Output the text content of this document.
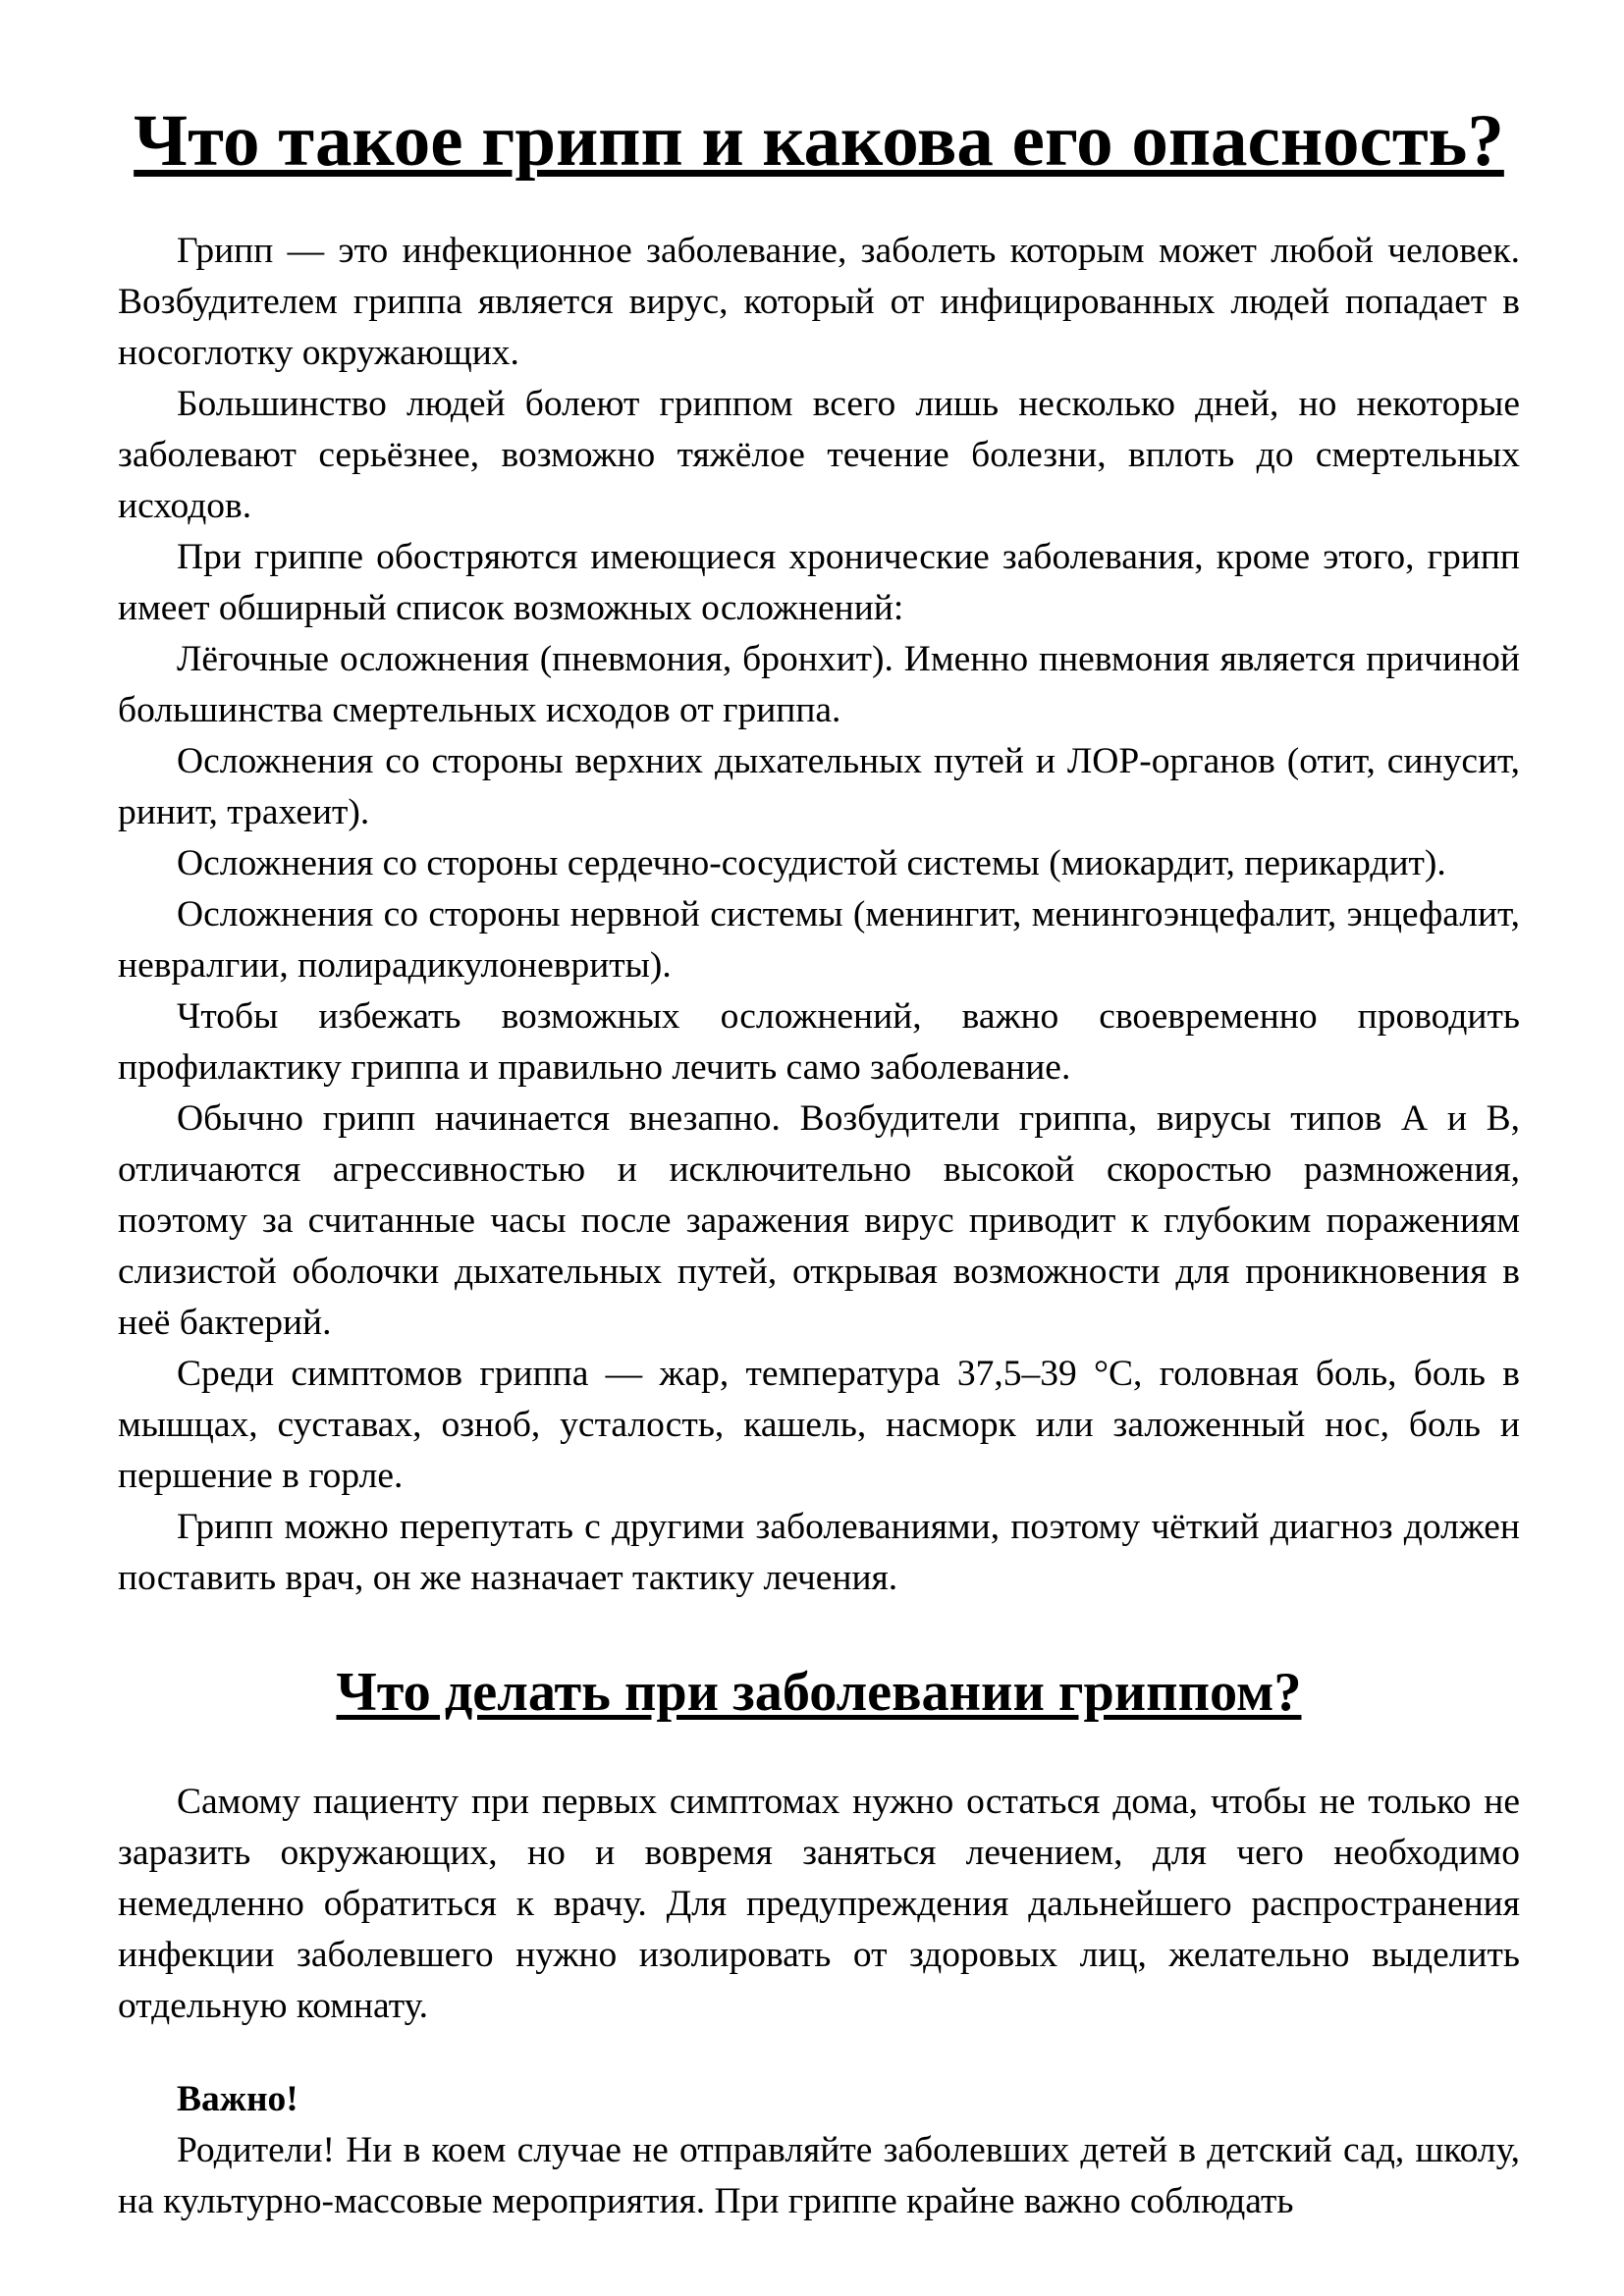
Что такое грипп и какова его опасность?

Грипп — это инфекционное заболевание, заболеть которым может любой человек. Возбудителем гриппа является вирус, который от инфицированных людей попадает в носоглотку окружающих.

Большинство людей болеют гриппом всего лишь несколько дней, но некоторые заболевают серьёзнее, возможно тяжёлое течение болезни, вплоть до смертельных исходов.

При гриппе обостряются имеющиеся хронические заболевания, кроме этого, грипп имеет обширный список возможных осложнений:

Лёгочные осложнения (пневмония, бронхит). Именно пневмония является причиной большинства смертельных исходов от гриппа.

Осложнения со стороны верхних дыхательных путей и ЛОР-органов (отит, синусит, ринит, трахеит).

Осложнения со стороны сердечно-сосудистой системы (миокардит, перикардит).

Осложнения со стороны нервной системы (менингит, менингоэнцефалит, энцефалит, невралгии, полирадикулоневриты).

Чтобы избежать возможных осложнений, важно своевременно проводить профилактику гриппа и правильно лечить само заболевание.

Обычно грипп начинается внезапно. Возбудители гриппа, вирусы типов А и В, отличаются агрессивностью и исключительно высокой скоростью размножения, поэтому за считанные часы после заражения вирус приводит к глубоким поражениям слизистой оболочки дыхательных путей, открывая возможности для проникновения в неё бактерий.

Среди симптомов гриппа — жар, температура 37,5–39 °С, головная боль, боль в мышцах, суставах, озноб, усталость, кашель, насморк или заложенный нос, боль и першение в горле.

Грипп можно перепутать с другими заболеваниями, поэтому чёткий диагноз должен поставить врач, он же назначает тактику лечения.

Что делать при заболевании гриппом?

Самому пациенту при первых симптомах нужно остаться дома, чтобы не только не заразить окружающих, но и вовремя заняться лечением, для чего необходимо немедленно обратиться к врачу. Для предупреждения дальнейшего распространения инфекции заболевшего нужно изолировать от здоровых лиц, желательно выделить отдельную комнату.

Важно!

Родители! Ни в коем случае не отправляйте заболевших детей в детский сад, школу, на культурно-массовые мероприятия. При гриппе крайне важно соблюдать
